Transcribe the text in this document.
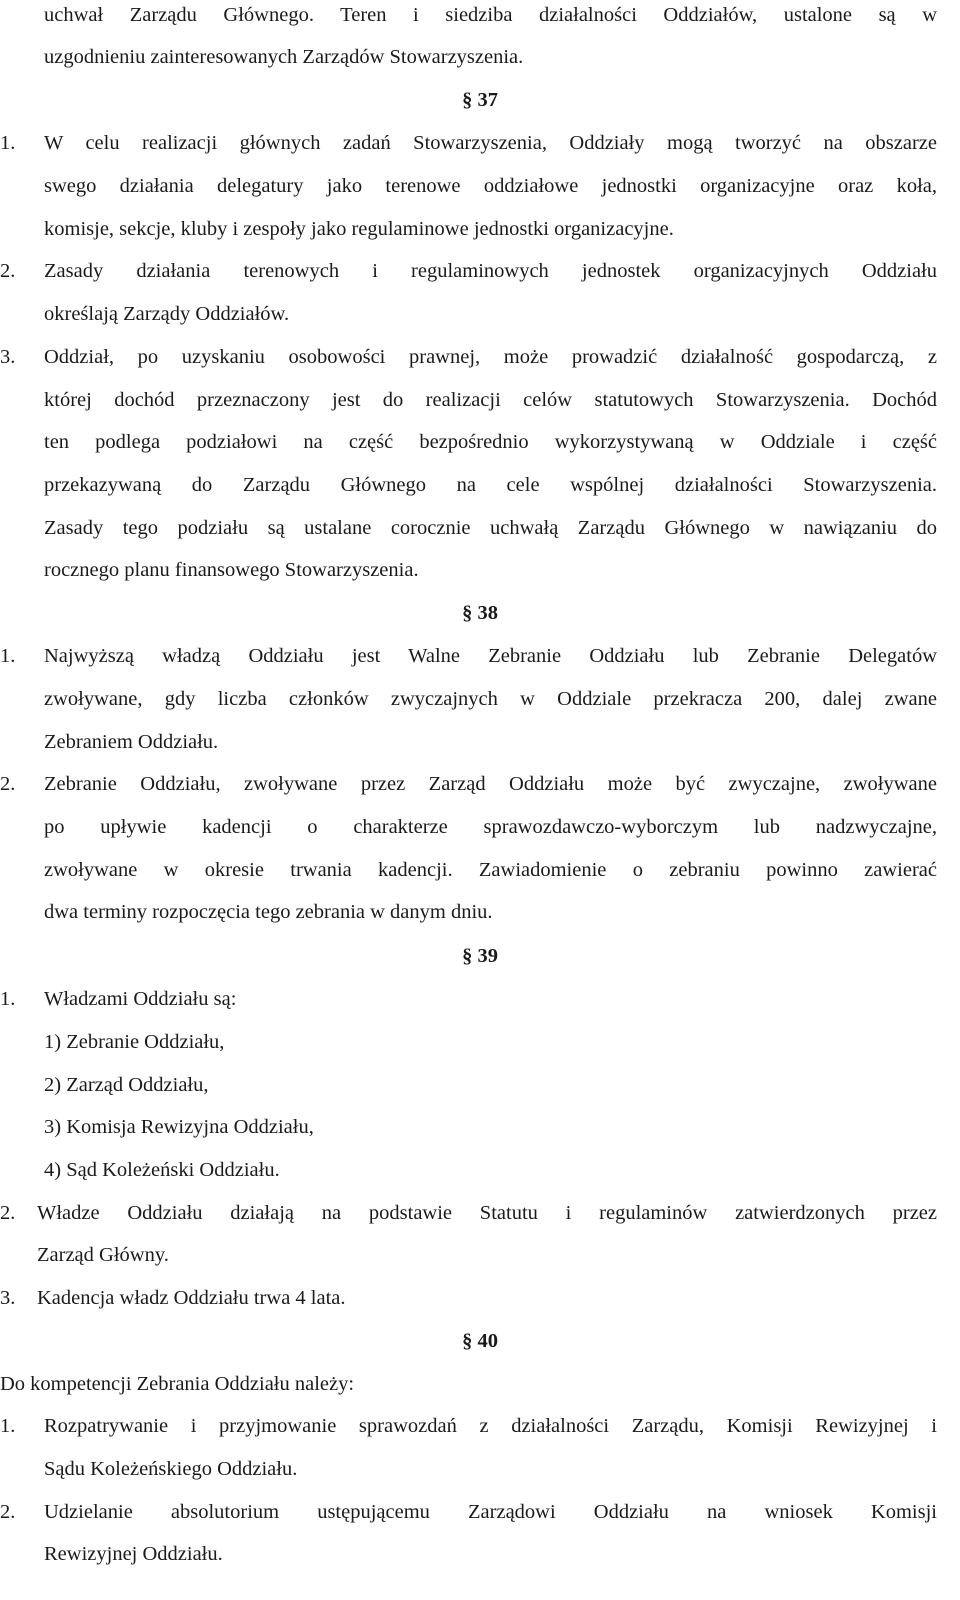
uchwał Zarządu Głównego. Teren i siedziba działalności Oddziałów, ustalone są w
uzgodnieniu zainteresowanych Zarządów Stowarzyszenia.
§ 37
1. W celu realizacji głównych zadań Stowarzyszenia, Oddziały mogą tworzyć na obszarze
swego działania delegatury jako terenowe oddziałowe jednostki organizacyjne oraz koła,
komisje, sekcje, kluby i zespoły jako regulaminowe jednostki organizacyjne.
2. Zasady działania terenowych i regulaminowych jednostek organizacyjnych Oddziału
określają Zarządy Oddziałów.
3. Oddział, po uzyskaniu osobowości prawnej, może prowadzić działalność gospodarczą, z
której dochód przeznaczony jest do realizacji celów statutowych Stowarzyszenia. Dochód
ten podlega podziałowi na część bezpośrednio wykorzystywaną w Oddziale i część
przekazywaną do Zarządu Głównego na cele wspólnej działalności Stowarzyszenia.
Zasady tego podziału są ustalane corocznie uchwałą Zarządu Głównego w nawiązaniu do
rocznego planu finansowego Stowarzyszenia.
§ 38
1. Najwyższą władzą Oddziału jest Walne Zebranie Oddziału lub Zebranie Delegatów
zwoływane, gdy liczba członków zwyczajnych w Oddziale przekracza 200, dalej zwane
Zebraniem Oddziału.
2. Zebranie Oddziału, zwoływane przez Zarząd Oddziału może być zwyczajne, zwoływane
po upływie kadencji o charakterze sprawozdawczo-wyborczym lub nadzwyczajne,
zwoływane w okresie trwania kadencji. Zawiadomienie o zebraniu powinno zawierać
dwa terminy rozpoczęcia tego zebrania w danym dniu.
§ 39
1. Władzami Oddziału są:
1) Zebranie Oddziału,
2) Zarząd Oddziału,
3) Komisja Rewizyjna Oddziału,
4) Sąd Koleżeński Oddziału.
2. Władze Oddziału działają na podstawie Statutu i regulaminów zatwierdzonych przez
Zarząd Główny.
3. Kadencja władz Oddziału trwa 4 lata.
§ 40
Do kompetencji Zebrania Oddziału należy:
1. Rozpatrywanie i przyjmowanie sprawozdań z działalności Zarządu, Komisji Rewizyjnej i
Sądu Koleżeńskiego Oddziału.
2. Udzielanie absolutorium ustępującemu Zarządowi Oddziału na wniosek Komisji
Rewizyjnej Oddziału.
